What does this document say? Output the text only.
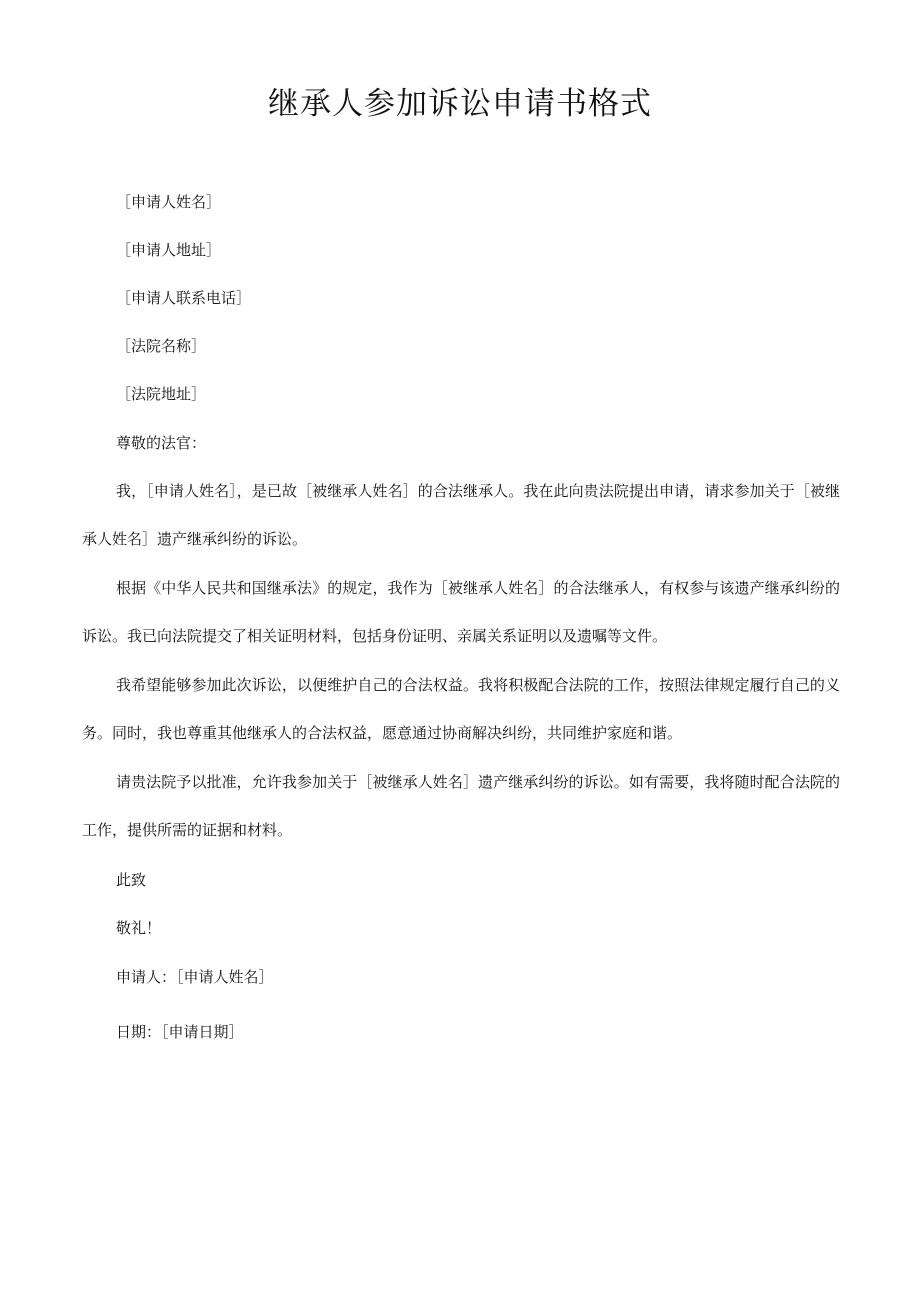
继承人参加诉讼申请书格式
［申请人姓名］
［申请人地址］
［申请人联系电话］
［法院名称］
［法院地址］
尊敬的法官：

我，［申请人姓名］，是已故［被继承人姓名］的合法继承人。我在此向贵法院提出申请，请求参加关于［被继承人姓名］遗产继承纠纷的诉讼。

根据《中华人民共和国继承法》的规定，我作为［被继承人姓名］的合法继承人，有权参与该遗产继承纠纷的诉讼。我已向法院提交了相关证明材料，包括身份证明、亲属关系证明以及遗嘱等文件。

我希望能够参加此次诉讼，以便维护自己的合法权益。我将积极配合法院的工作，按照法律规定履行自己的义务。同时，我也尊重其他继承人的合法权益，愿意通过协商解决纠纷，共同维护家庭和谐。

请贵法院予以批准，允许我参加关于［被继承人姓名］遗产继承纠纷的诉讼。如有需要，我将随时配合法院的工作，提供所需的证据和材料。

此致
敬礼！
申请人：［申请人姓名］
日期：［申请日期］
